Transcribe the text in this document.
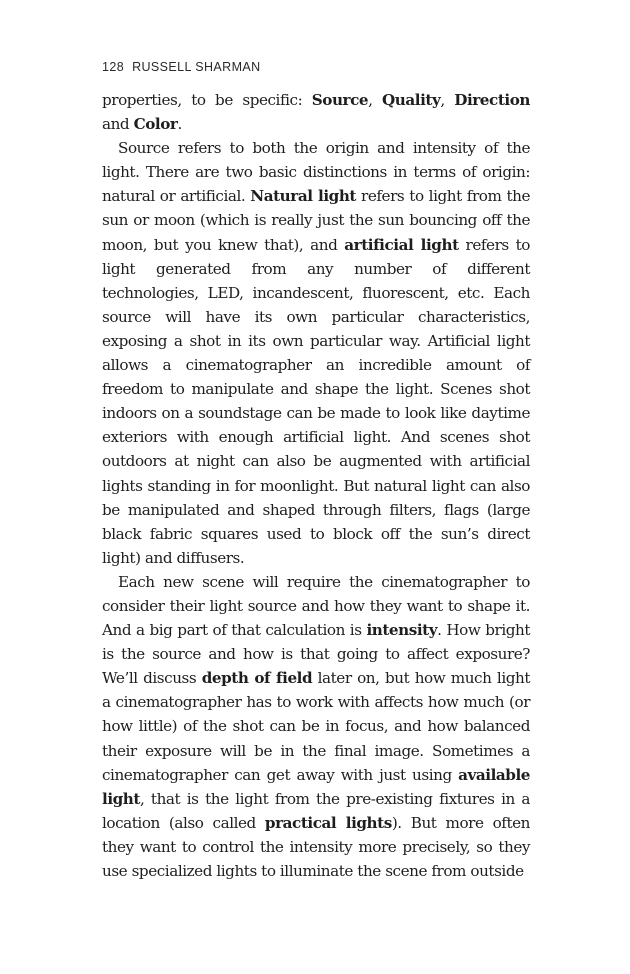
128 RUSSELL SHARMAN

properties, to be specific: Source, Quality, Direction and Color.

Source refers to both the origin and intensity of the light. There are two basic distinctions in terms of origin: natural or artificial. Natural light refers to light from the sun or moon (which is really just the sun bouncing off the moon, but you knew that), and artificial light refers to light generated from any number of different technologies, LED, incandescent, fluorescent, etc. Each source will have its own particular characteristics, exposing a shot in its own particular way. Artificial light allows a cinematographer an incredible amount of freedom to manipulate and shape the light. Scenes shot indoors on a soundstage can be made to look like daytime exteriors with enough artificial light. And scenes shot outdoors at night can also be augmented with artificial lights standing in for moonlight. But natural light can also be manipulated and shaped through filters, flags (large black fabric squares used to block off the sun’s direct light) and diffusers.

Each new scene will require the cinematographer to consider their light source and how they want to shape it. And a big part of that calculation is intensity. How bright is the source and how is that going to affect exposure? We’ll discuss depth of field later on, but how much light a cinematographer has to work with affects how much (or how little) of the shot can be in focus, and how balanced their exposure will be in the final image. Sometimes a cinematographer can get away with just using available light, that is the light from the pre-existing fixtures in a location (also called practical lights). But more often they want to control the intensity more precisely, so they use specialized lights to illuminate the scene from outside
